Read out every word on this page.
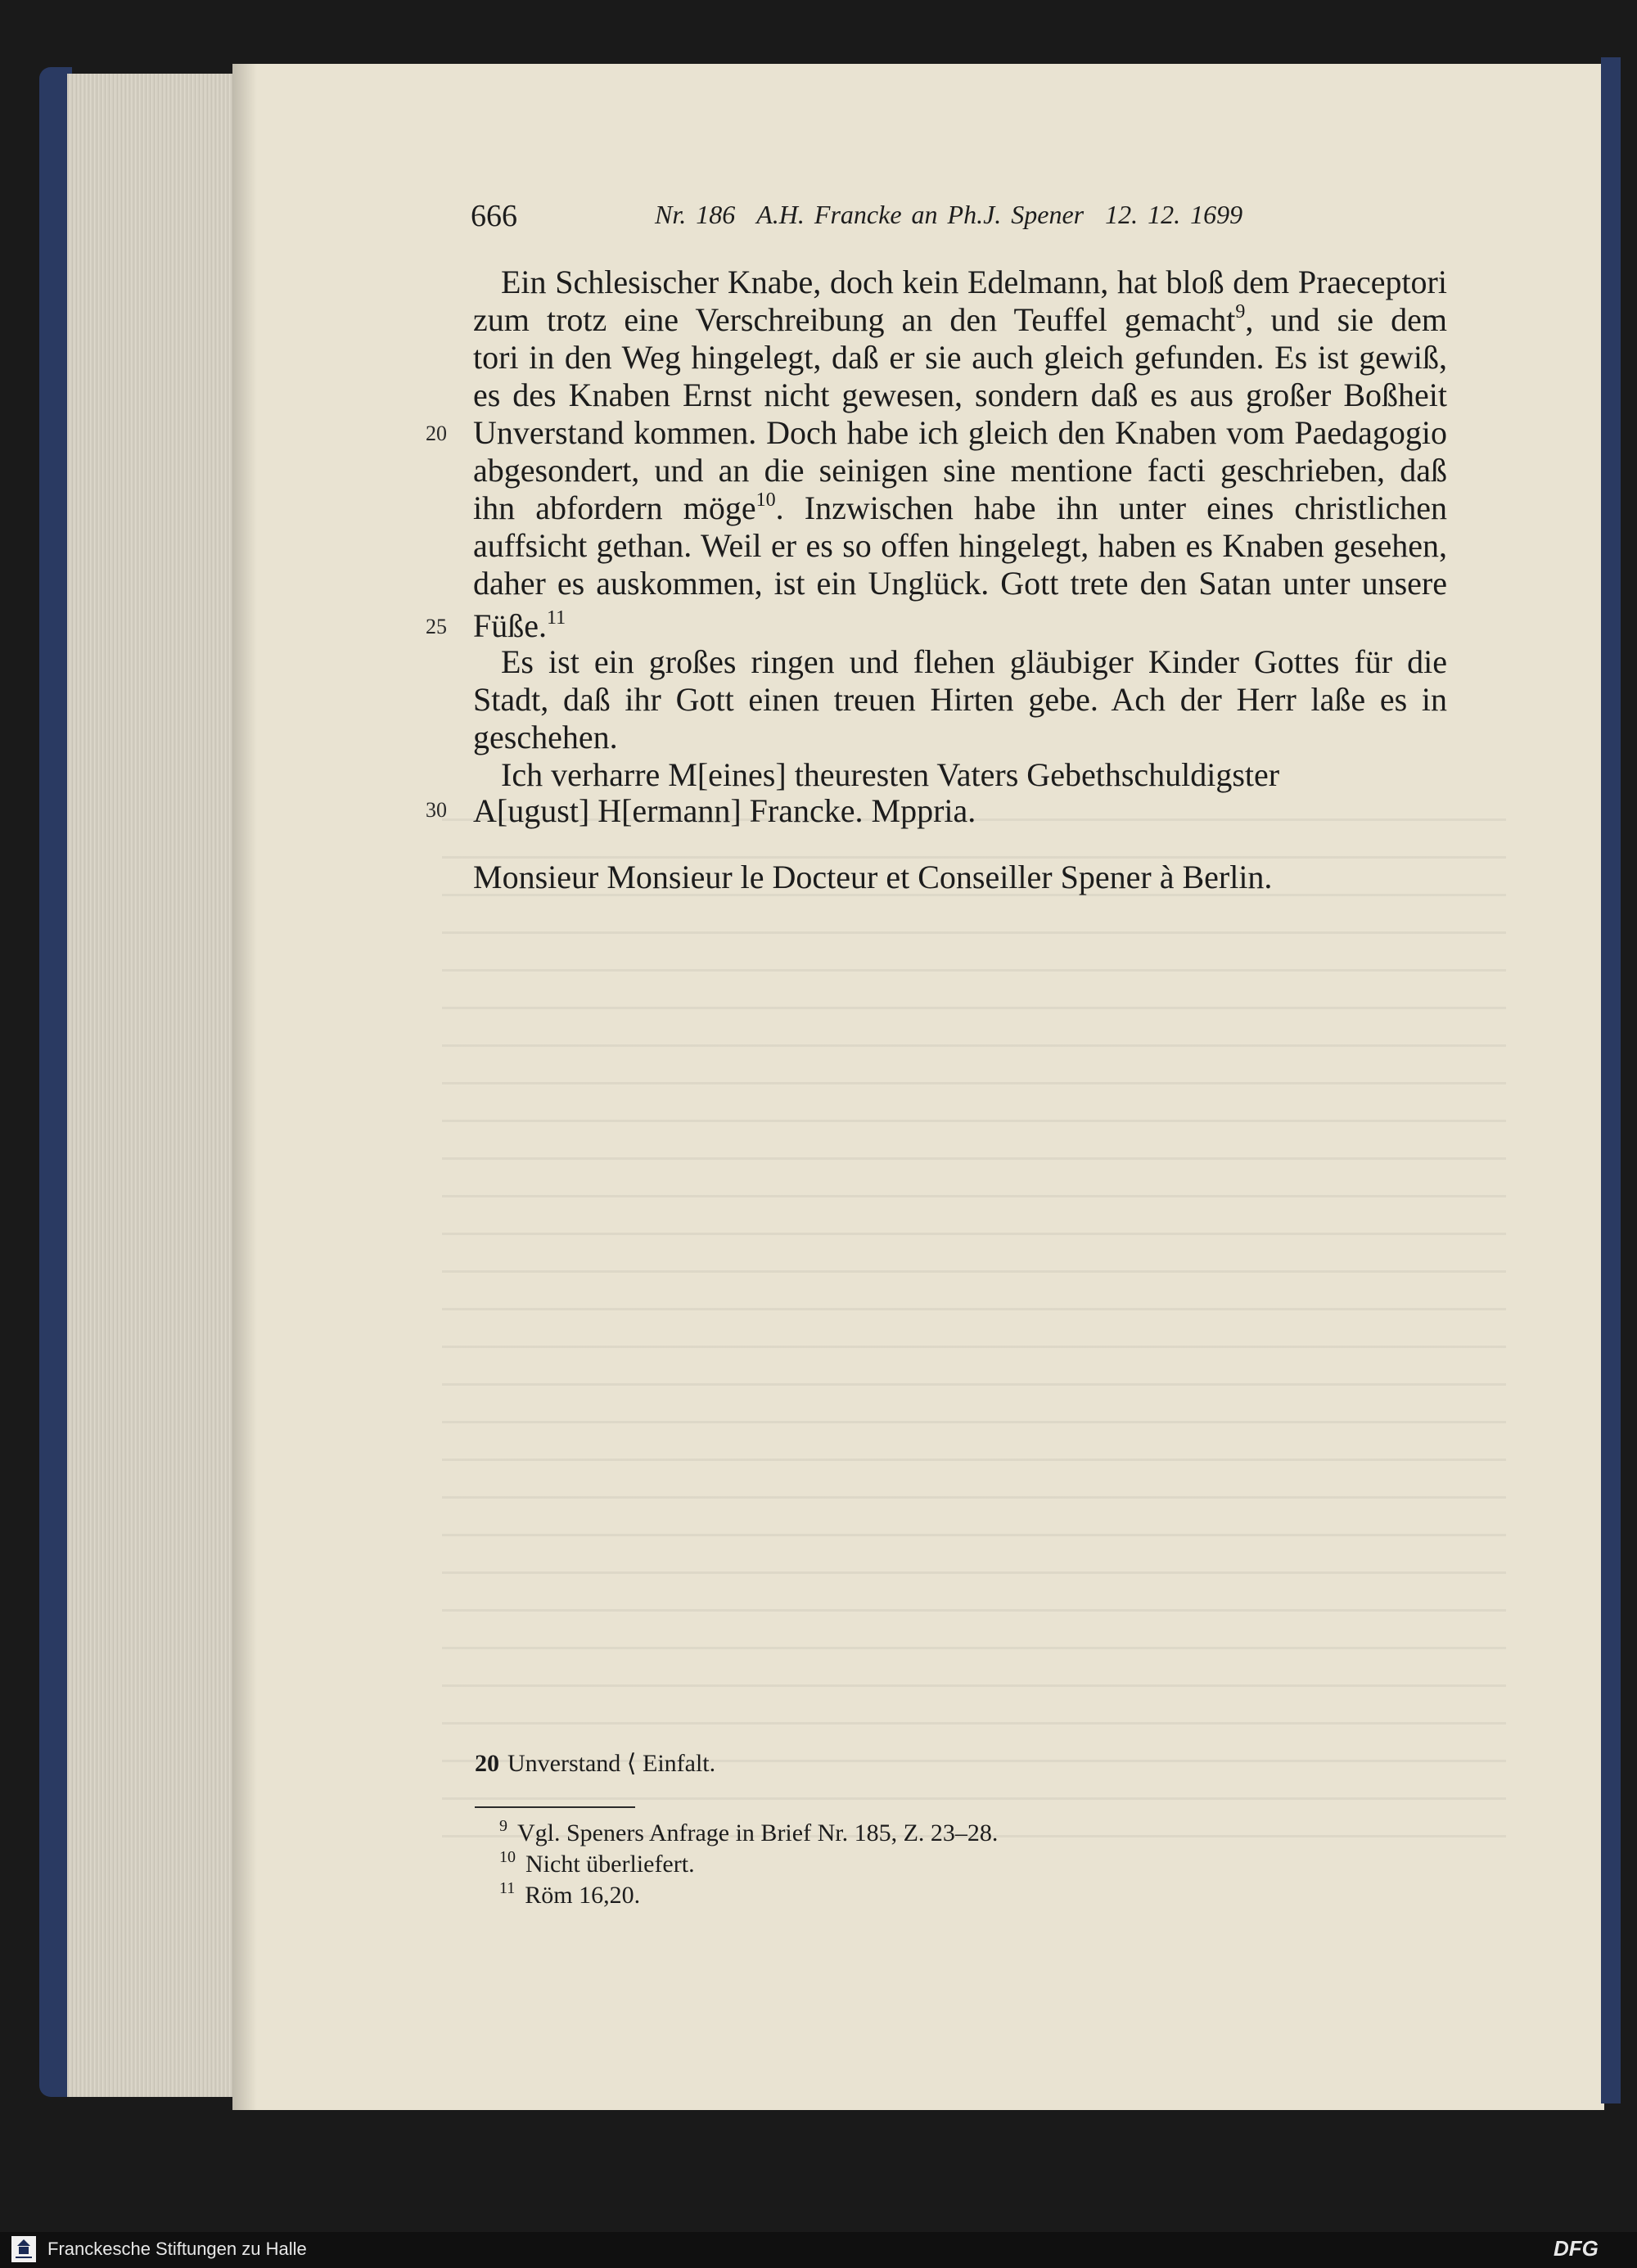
666	Nr. 186 A.H. Francke an Ph.J. Spener 12. 12. 1699
Ein Schlesischer Knabe, doch kein Edelmann, hat bloß dem Praeceptori
zum trotz eine Verschreibung an den Teuffel gemacht$^9$, und sie dem
tori in den Weg hingelegt, daß er sie auch gleich gefunden. Es ist gewiß,
es des Knaben Ernst nicht gewesen, sondern daß es aus großer Boßheit
Unverstand kommen. Doch habe ich gleich den Knaben vom Paedagogio
abgesondert, und an die seinigen sine mentione facti geschrieben, daß
ihn abfordern möge$^{10}$. Inzwischen habe ihn unter eines christlichen
auffsicht gethan. Weil er es so offen hingelegt, haben es Knaben gesehen,
daher es auskommen, ist ein Unglück. Gott trete den Satan unter unsere
Füße.$^{11}$
Es ist ein großes ringen und flehen gläubiger Kinder Gottes für die
Stadt, daß ihr Gott einen treuen Hirten gebe. Ach der Herr laße es in
geschehen.
Ich verharre M[eines] theuresten Vaters Gebethschuldigster
A[ugust] H[ermann] Francke. Mppria.
Monsieur Monsieur le Docteur et Conseiller Spener à Berlin.
20
25
30
20 Unverstand ⟨ Einfalt.
$^9$ Vgl. Speners Anfrage in Brief Nr. 185, Z. 23–28.
$^{10}$ Nicht überliefert.
$^{11}$ Röm 16,20.
Franckesche Stiftungen zu Halle	DFG
